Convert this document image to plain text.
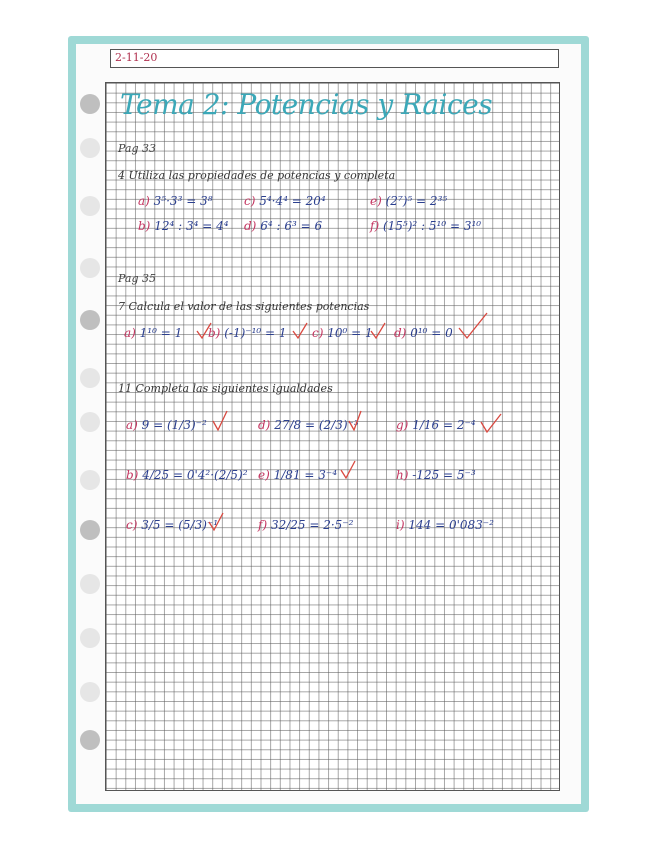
2-11-20
Tema 2: Potencias y Raices
Pag 33
4 Utiliza las propiedades de potencias y completa
a) 3⁵·3³ = 3⁸
b) 12⁴ : 3⁴ = 4⁴
c) 5⁴·4⁴ = 20⁴
d) 6⁴ : 6³ = 6
e) (2⁷)⁵ = 2³⁵
f) (15⁵)² : 5¹⁰ = 3¹⁰
Pag 35
7 Calcula el valor de las siguientes potencias
a) 1¹⁰ = 1 b) (-1)⁻¹⁰ = 1 c) 10⁰ = 1 d) 0¹⁰ = 0
11 Completa las siguientes igualdades
a) 9 = (1/3)⁻²
b) 4/25 = 0'4²·(2/5)²
c) 3/5 = (5/3)⁻¹
d) 27/8 = (2/3)⁻³
e) 1/81 = 3⁻⁴
f) 32/25 = 2·5⁻²
g) 1/16 = 2⁻⁴
h) -125 = 5⁻³
i) 144 = 0'083⁻²
